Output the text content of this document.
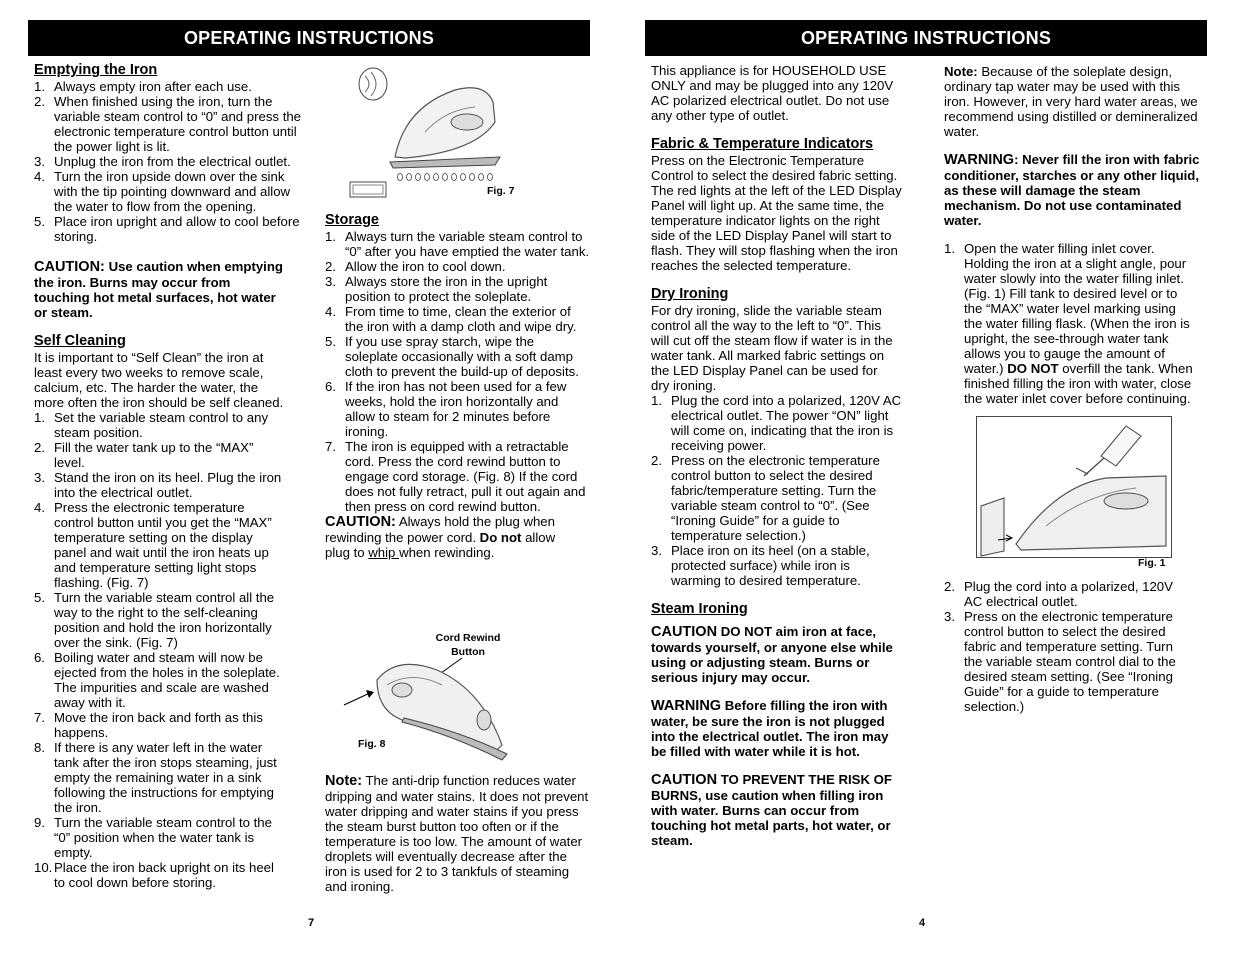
OPERATING INSTRUCTIONS	OPERATING INSTRUCTIONS
Emptying the Iron
1. Always empty iron after each use.
2. When finished using the iron, turn the variable steam control to “0” and press the electronic temperature control button until the power light is lit.
3. Unplug the iron from the electrical outlet.
4. Turn the iron upside down over the sink with the tip pointing downward and allow the water to flow from the opening.
5. Place iron upright and allow to cool before storing.
CAUTION: Use caution when emptying the iron. Burns may occur from touching hot metal surfaces, hot water or steam.
Self Cleaning
It is important to “Self Clean” the iron at least every two weeks to remove scale, calcium, etc. The harder the water, the more often the iron should be self cleaned.
1. Set the variable steam control to any steam position.
2. Fill the water tank up to the “MAX” level.
3. Stand the iron on its heel. Plug the iron into the electrical outlet.
4. Press the electronic temperature control button until you get the “MAX” temperature setting on the display panel and wait until the iron heats up and temperature setting light stops flashing. (Fig. 7)
5. Turn the variable steam control all the way to the right to the self-cleaning position and hold the iron horizontally over the sink. (Fig. 7)
6. Boiling water and steam will now be ejected from the holes in the soleplate. The impurities and scale are washed away with it.
7. Move the iron back and forth as this happens.
8. If there is any water left in the water tank after the iron stops steaming, just empty the remaining water in a sink following the instructions for emptying the iron.
9. Turn the variable steam control to the “0” position when the water tank is empty.
10. Place the iron back upright on its heel to cool down before storing.
Fig. 7
Storage
1. Always turn the variable steam control to “0” after you have emptied the water tank.
2. Allow the iron to cool down.
3. Always store the iron in the upright position to protect the soleplate.
4. From time to time, clean the exterior of the iron with a damp cloth and wipe dry.
5. If you use spray starch, wipe the soleplate occasionally with a soft damp cloth to prevent the build-up of deposits.
6. If the iron has not been used for a few weeks, hold the iron horizontally and allow to steam for 2 minutes before ironing.
7. The iron is equipped with a retractable cord. Press the cord rewind button to engage cord storage. (Fig. 8) If the cord does not fully retract, pull it out again and then press on cord rewind button.
CAUTION: Always hold the plug when rewinding the power cord. Do not allow plug to whip when rewinding.
Cord Rewind
Button
Fig. 8
Note: The anti-drip function reduces water dripping and water stains. It does not prevent water dripping and water stains if you press the steam burst button too often or if the temperature is too low. The amount of water droplets will eventually decrease after the iron is used for 2 to 3 tankfuls of steaming and ironing.
7
This appliance is for HOUSEHOLD USE ONLY and may be plugged into any 120V AC polarized electrical outlet. Do not use any other type of outlet.
Fabric & Temperature Indicators
Press on the Electronic Temperature Control to select the desired fabric setting. The red lights at the left of the LED Display Panel will light up. At the same time, the temperature indicator lights on the right side of the LED Display Panel will start to flash. They will stop flashing when the iron reaches the selected temperature.
Dry Ironing
For dry ironing, slide the variable steam control all the way to the left to “0”. This will cut off the steam flow if water is in the water tank. All marked fabric settings on the LED Display Panel can be used for dry ironing.
1. Plug the cord into a polarized, 120V AC electrical outlet. The power “ON” light will come on, indicating that the iron is receiving power.
2. Press on the electronic temperature control button to select the desired fabric/temperature setting. Turn the variable steam control to “0”. (See “Ironing Guide” for a guide to temperature selection.)
3. Place iron on its heel (on a stable, protected surface) while iron is warming to desired temperature.
Steam Ironing
CAUTION DO NOT aim iron at face, towards yourself, or anyone else while using or adjusting steam. Burns or serious injury may occur.
WARNING Before filling the iron with water, be sure the iron is not plugged into the electrical outlet. The iron may be filled with water while it is hot.
CAUTION TO PREVENT THE RISK OF BURNS, use caution when filling iron with water. Burns can occur from touching hot metal parts, hot water, or steam.
Note: Because of the soleplate design, ordinary tap water may be used with this iron. However, in very hard water areas, we recommend using distilled or demineralized water.
WARNING: Never fill the iron with fabric conditioner, starches or any other liquid, as these will damage the steam mechanism. Do not use contaminated water.
1. Open the water filling inlet cover. Holding the iron at a slight angle, pour water slowly into the water filling inlet. (Fig. 1) Fill tank to desired level or to the “MAX” water level marking using the water filling flask. (When the iron is upright, the see-through water tank allows you to gauge the amount of water.) DO NOT overfill the tank. When finished filling the iron with water, close the water inlet cover before continuing.
Fig. 1
2. Plug the cord into a polarized, 120V AC electrical outlet.
3. Press on the electronic temperature control button to select the desired fabric and temperature setting. Turn the variable steam control dial to the desired steam setting. (See “Ironing Guide” for a guide to temperature selection.)
4
